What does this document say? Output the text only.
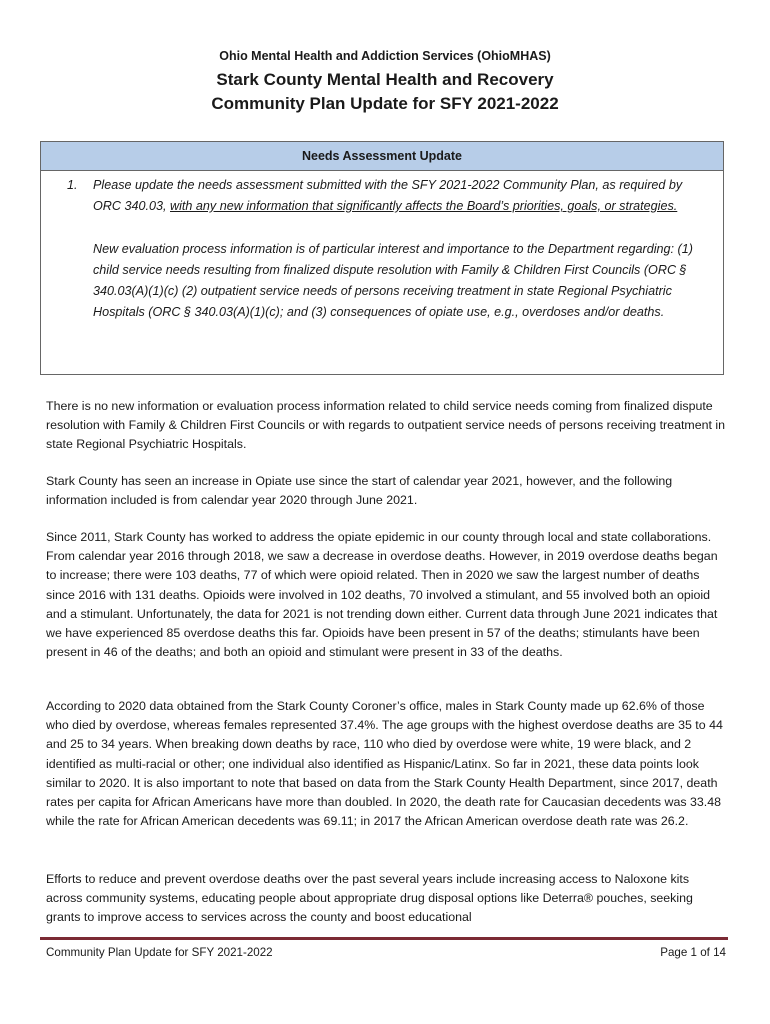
Ohio Mental Health and Addiction Services (OhioMHAS)
Stark County Mental Health and Recovery
Community Plan Update for SFY 2021-2022
Needs Assessment Update
1. Please update the needs assessment submitted with the SFY 2021-2022 Community Plan, as required by ORC 340.03, with any new information that significantly affects the Board’s priorities, goals, or strategies.
New evaluation process information is of particular interest and importance to the Department regarding: (1) child service needs resulting from finalized dispute resolution with Family & Children First Councils (ORC § 340.03(A)(1)(c) (2) outpatient service needs of persons receiving treatment in state Regional Psychiatric Hospitals (ORC § 340.03(A)(1)(c); and (3) consequences of opiate use, e.g., overdoses and/or deaths.
There is no new information or evaluation process information related to child service needs coming from finalized dispute resolution with Family & Children First Councils or with regards to outpatient service needs of persons receiving treatment in state Regional Psychiatric Hospitals.
Stark County has seen an increase in Opiate use since the start of calendar year 2021, however, and the following information included is from calendar year 2020 through June 2021.
Since 2011, Stark County has worked to address the opiate epidemic in our county through local and state collaborations. From calendar year 2016 through 2018, we saw a decrease in overdose deaths. However, in 2019 overdose deaths began to increase; there were 103 deaths, 77 of which were opioid related. Then in 2020 we saw the largest number of deaths since 2016 with 131 deaths. Opioids were involved in 102 deaths, 70 involved a stimulant, and 55 involved both an opioid and a stimulant. Unfortunately, the data for 2021 is not trending down either. Current data through June 2021 indicates that we have experienced 85 overdose deaths this far. Opioids have been present in 57 of the deaths; stimulants have been present in 46 of the deaths; and both an opioid and stimulant were present in 33 of the deaths.
According to 2020 data obtained from the Stark County Coroner’s office, males in Stark County made up 62.6% of those who died by overdose, whereas females represented 37.4%. The age groups with the highest overdose deaths are 35 to 44 and 25 to 34 years. When breaking down deaths by race, 110 who died by overdose were white, 19 were black, and 2 identified as multi-racial or other; one individual also identified as Hispanic/Latinx. So far in 2021, these data points look similar to 2020. It is also important to note that based on data from the Stark County Health Department, since 2017, death rates per capita for African Americans have more than doubled. In 2020, the death rate for Caucasian decedents was 33.48 while the rate for African American decedents was 69.11; in 2017 the African American overdose death rate was 26.2.
Efforts to reduce and prevent overdose deaths over the past several years include increasing access to Naloxone kits across community systems, educating people about appropriate drug disposal options like Deterra® pouches, seeking grants to improve access to services across the county and boost educational
Community Plan Update for SFY 2021-2022	Page 1 of 14
